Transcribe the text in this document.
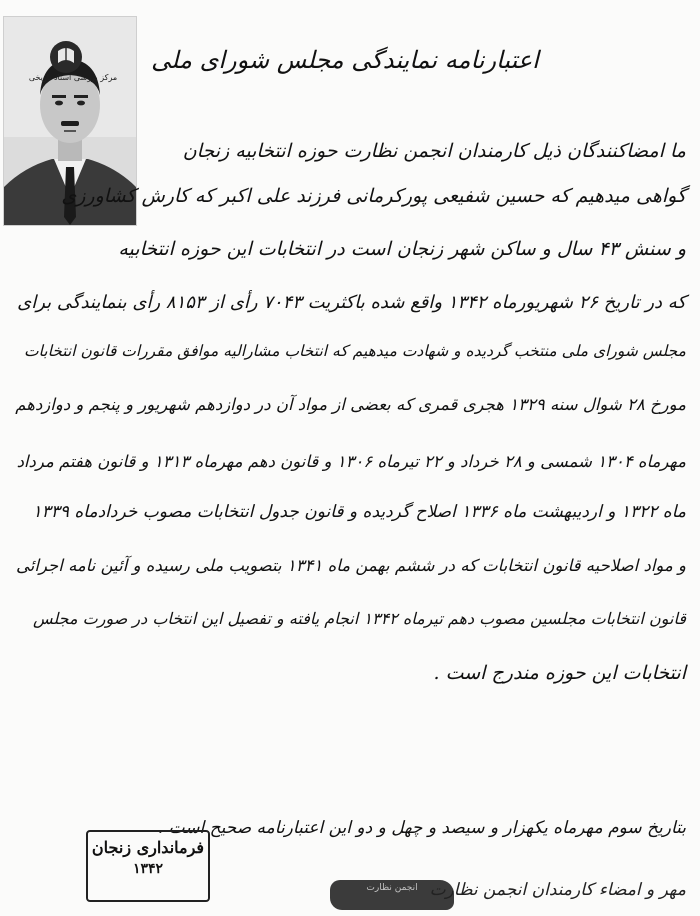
مرکز بررسی اسناد تاریخی
اعتبارنامه نمایندگی مجلس شورای ملی
ما امضاکنندگان ذیل کارمندان انجمن نظارت حوزه انتخابیه زنجان
گواهی میدهیم که حسین شفیعی پورکرمانی فرزند علی اکبر که کارش کشاورزی
و سنش ۴۳ سال و ساکن شهر زنجان است در انتخابات این حوزه انتخابیه
که در تاریخ ۲۶ شهریورماه ۱۳۴۲ واقع شده باکثریت ۷۰۴۳ رأی از ۸۱۵۳ رأی بنمایندگی برای
مجلس شورای ملی منتخب گردیده و شهادت میدهیم که انتخاب مشارالیه موافق مقررات قانون انتخابات
مورخ ۲۸ شوال سنه ۱۳۲۹ هجری قمری که بعضی از مواد آن در دوازدهم شهریور و پنجم و دوازدهم
مهرماه ۱۳۰۴ شمسی و ۲۸ خرداد و ۲۲ تیرماه ۱۳۰۶ و قانون دهم مهرماه ۱۳۱۳ و قانون هفتم مرداد
ماه ۱۳۲۲ و اردیبهشت ماه ۱۳۳۶ اصلاح گردیده و قانون جدول انتخابات مصوب خردادماه ۱۳۳۹
و مواد اصلاحیه قانون انتخابات که در ششم بهمن ماه ۱۳۴۱ بتصویب ملی رسیده و آئین نامه اجرائی
قانون انتخابات مجلسین مصوب دهم تیرماه ۱۳۴۲ انجام یافته و تفصیل این انتخاب در صورت مجلس
انتخابات این حوزه مندرج است .
بتاریخ سوم مهرماه یکهزار و سیصد و چهل و دو این اعتبارنامه صحیح است .
فرمانداری زنجان
۱۳۴۲
انجمن نظارت مهر و امضاء کارمندان انجمن نظارت
